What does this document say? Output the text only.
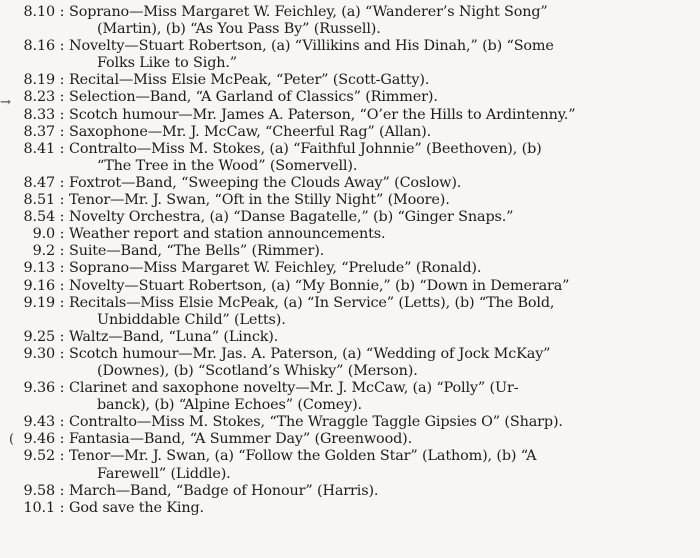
→
(
8.10 : Soprano—Miss Margaret W. Feichley, (a) “Wanderer’s Night Song”
(Martin), (b) “As You Pass By” (Russell).
8.16 : Novelty—Stuart Robertson, (a) “Villikins and His Dinah,” (b) “Some
Folks Like to Sigh.”
8.19 : Recital—Miss Elsie McPeak, “Peter” (Scott-Gatty).
8.23 : Selection—Band, “A Garland of Classics” (Rimmer).
8.33 : Scotch humour—Mr. James A. Paterson, “O’er the Hills to Ardintenny.”
8.37 : Saxophone—Mr. J. McCaw, “Cheerful Rag” (Allan).
8.41 : Contralto—Miss M. Stokes, (a) “Faithful Johnnie” (Beethoven), (b)
“The Tree in the Wood” (Somervell).
8.47 : Foxtrot—Band, “Sweeping the Clouds Away” (Coslow).
8.51 : Tenor—Mr. J. Swan, “Oft in the Stilly Night” (Moore).
8.54 : Novelty Orchestra, (a) “Danse Bagatelle,” (b) “Ginger Snaps.”
9.0 : Weather report and station announcements.
9.2 : Suite—Band, “The Bells” (Rimmer).
9.13 : Soprano—Miss Margaret W. Feichley, “Prelude” (Ronald).
9.16 : Novelty—Stuart Robertson, (a) “My Bonnie,” (b) “Down in Demerara”
9.19 : Recitals—Miss Elsie McPeak, (a) “In Service” (Letts), (b) “The Bold,
Unbiddable Child” (Letts).
9.25 : Waltz—Band, “Luna” (Linck).
9.30 : Scotch humour—Mr. Jas. A. Paterson, (a) “Wedding of Jock McKay”
(Downes), (b) “Scotland’s Whisky” (Merson).
9.36 : Clarinet and saxophone novelty—Mr. J. McCaw, (a) “Polly” (Ur-
banck), (b) “Alpine Echoes” (Comey).
9.43 : Contralto—Miss M. Stokes, “The Wraggle Taggle Gipsies O” (Sharp).
9.46 : Fantasia—Band, “A Summer Day” (Greenwood).
9.52 : Tenor—Mr. J. Swan, (a) “Follow the Golden Star” (Lathom), (b) “A
Farewell” (Liddle).
9.58 : March—Band, “Badge of Honour” (Harris).
10.1 : God save the King.
